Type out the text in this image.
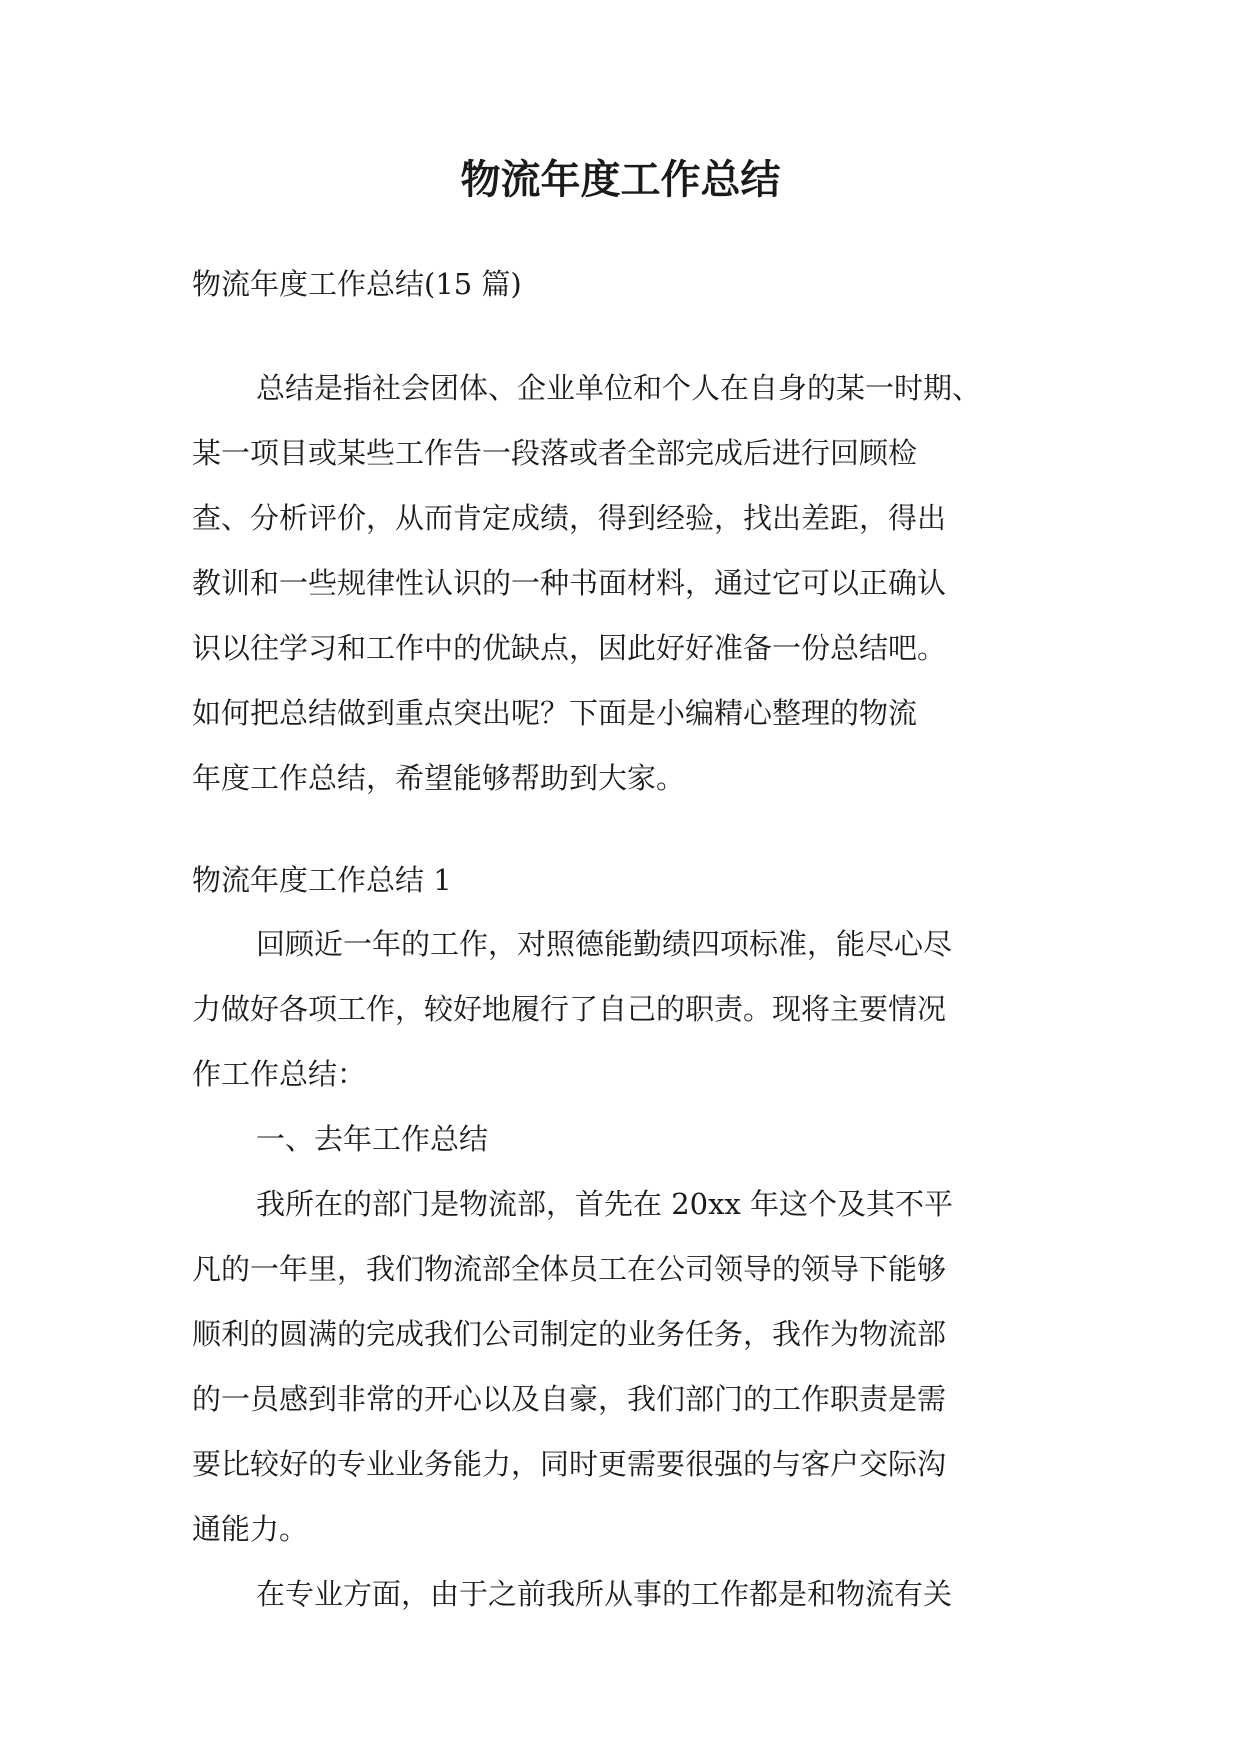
物流年度工作总结

物流年度工作总结(15 篇)

总结是指社会团体、企业单位和个人在自身的某一时期、
某一项目或某些工作告一段落或者全部完成后进行回顾检
查、分析评价，从而肯定成绩，得到经验，找出差距，得出
教训和一些规律性认识的一种书面材料，通过它可以正确认
识以往学习和工作中的优缺点，因此好好准备一份总结吧。
如何把总结做到重点突出呢？下面是小编精心整理的物流
年度工作总结，希望能够帮助到大家。
物流年度工作总结 1
回顾近一年的工作，对照德能勤绩四项标准，能尽心尽
力做好各项工作，较好地履行了自己的职责。现将主要情况
作工作总结：
一、去年工作总结
我所在的部门是物流部，首先在 20xx 年这个及其不平
凡的一年里，我们物流部全体员工在公司领导的领导下能够
顺利的圆满的完成我们公司制定的业务任务，我作为物流部
的一员感到非常的开心以及自豪，我们部门的工作职责是需
要比较好的专业业务能力，同时更需要很强的与客户交际沟
通能力。
在专业方面，由于之前我所从事的工作都是和物流有关
